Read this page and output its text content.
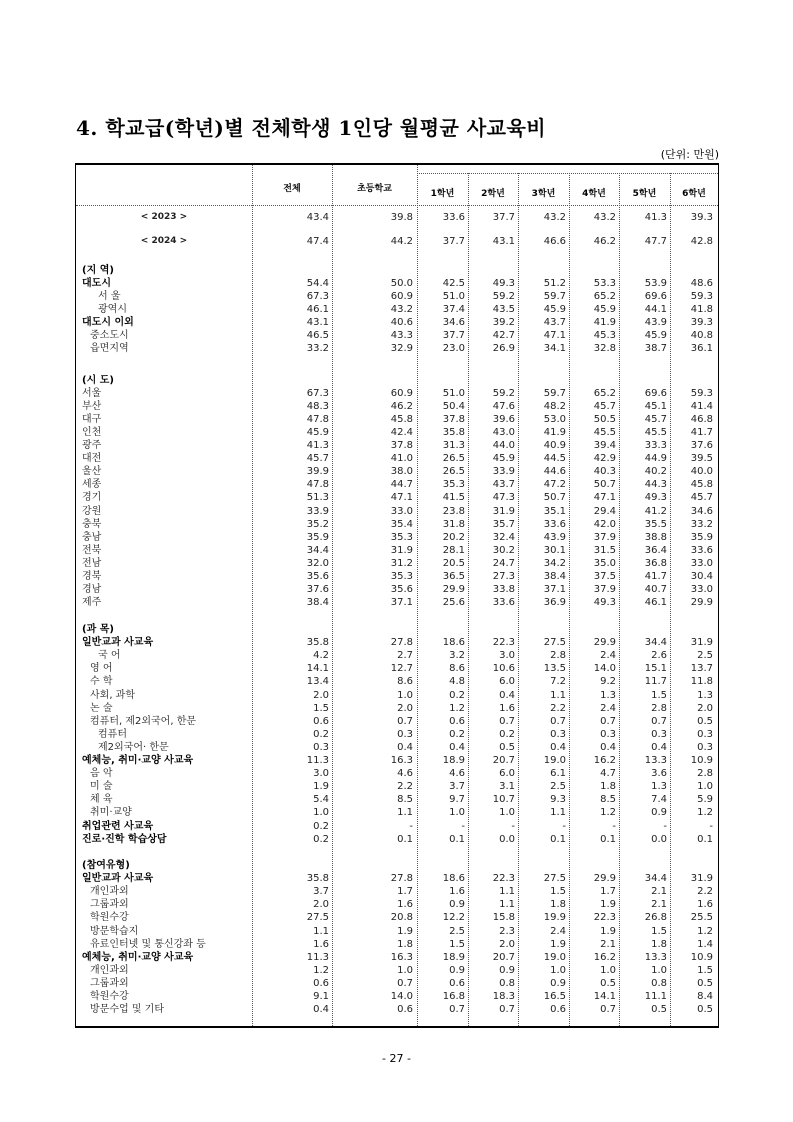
4. 학교급(학년)별 전체학생 1인당 월평균 사교육비
(단위: 만원)
전체	초등학교	1학년	2학년	3학년	4학년	5학년	6학년
< 2023 >	43.4	39.8	33.6	37.7	43.2	43.2	41.3 39.3
< 2024 >	47.4	44.2	37.7	43.1	46.6	46.2	47.7 42.8
(지 역)
대도시	54.4	50.0	42.5	49.3	51.2	53.3	53.9 48.6
서 울	67.3	60.9	51.0	59.2	59.7	65.2	69.6 59.3
광역시	46.1	43.2	37.4	43.5	45.9	45.9	44.1 41.8
대도시 이외	43.1	40.6	34.6	39.2	43.7	41.9	43.9 39.3
중소도시	46.5	43.3	37.7	42.7	47.1	45.3	45.9 40.8
읍면지역	33.2	32.9	23.0	26.9	34.1	32.8	38.7 36.1
(시 도)
서울	67.3	60.9	51.0	59.2	59.7	65.2	69.6 59.3
부산	48.3	46.2	50.4	47.6	48.2	45.7	45.1 41.4
대구	47.8	45.8	37.8	39.6	53.0	50.5	45.7 46.8
인천	45.9	42.4	35.8	43.0	41.9	45.5	45.5 41.7
광주	41.3	37.8	31.3	44.0	40.9	39.4	33.3 37.6
대전	45.7	41.0	26.5	45.9	44.5	42.9	44.9 39.5
울산	39.9	38.0	26.5	33.9	44.6	40.3	40.2 40.0
세종	47.8	44.7	35.3	43.7	47.2	50.7	44.3 45.8
경기	51.3	47.1	41.5	47.3	50.7	47.1	49.3 45.7
강원	33.9	33.0	23.8	31.9	35.1	29.4	41.2 34.6
충북	35.2	35.4	31.8	35.7	33.6	42.0	35.5 33.2
충남	35.9	35.3	20.2	32.4	43.9	37.9	38.8 35.9
전북	34.4	31.9	28.1	30.2	30.1	31.5	36.4 33.6
전남	32.0	31.2	20.5	24.7	34.2	35.0	36.8 33.0
경북	35.6	35.3	36.5	27.3	38.4	37.5	41.7 30.4
경남	37.6	35.6	29.9	33.8	37.1	37.9	40.7 33.0
제주	38.4	37.1	25.6	33.6	36.9	49.3	46.1 29.9
(과 목)
일반교과 사교육	35.8	27.8	18.6	22.3	27.5	29.9	34.4 31.9
국 어	4.2	2.7	3.2	3.0	2.8	2.4	2.6	2.5
영 어	14.1	12.7	8.6	10.6	13.5	14.0	15.1 13.7
수 학	13.4	8.6	4.8	6.0	7.2	9.2	11.7 11.8
사회, 과학	2.0	1.0	0.2	0.4	1.1	1.3	1.5	1.3
논 술	1.5	2.0	1.2	1.6	2.2	2.4	2.8	2.0
컴퓨터, 제2외국어, 한문	0.6	0.7	0.6	0.7	0.7	0.7	0.7	0.5
컴퓨터	0.2	0.3	0.2	0.2	0.3	0.3	0.3	0.3
제2외국어· 한문	0.3	0.4	0.4	0.5	0.4	0.4	0.4	0.3
예체능, 취미·교양 사교육	11.3	16.3	18.9	20.7	19.0	16.2	13.3 10.9
음 악	3.0	4.6	4.6	6.0	6.1	4.7	3.6	2.8
미 술	1.9	2.2	3.7	3.1	2.5	1.8	1.3	1.0
체 육	5.4	8.5	9.7	10.7	9.3	8.5	7.4	5.9
취미·교양	1.0	1.1	1.0	1.0	1.1	1.2	0.9	1.2
취업관련 사교육	0.2	-	-	-	-	-	-	-
진로·진학 학습상담	0.2	0.1	0.1	0.0	0.1	0.1	0.0	0.1
(참여유형)
일반교과 사교육	35.8	27.8	18.6	22.3	27.5	29.9	34.4 31.9
개인과외	3.7	1.7	1.6	1.1	1.5	1.7	2.1	2.2
그룹과외	2.0	1.6	0.9	1.1	1.8	1.9	2.1	1.6
학원수강	27.5	20.8	12.2	15.8	19.9	22.3	26.8 25.5
방문학습지	1.1	1.9	2.5	2.3	2.4	1.9	1.5	1.2
유료인터넷 및 통신강좌 등	1.6	1.8	1.5	2.0	1.9	2.1	1.8	1.4
예체능, 취미·교양 사교육	11.3	16.3	18.9	20.7	19.0	16.2	13.3 10.9
개인과외	1.2	1.0	0.9	0.9	1.0	1.0	1.0	1.5
그룹과외	0.6	0.7	0.6	0.8	0.9	0.5	0.8	0.5
학원수강	9.1	14.0	16.8	18.3	16.5	14.1	11.1	8.4
방문수업 및 기타	0.4	0.6	0.7	0.7	0.6	0.7	0.5	0.5
- 27 -
